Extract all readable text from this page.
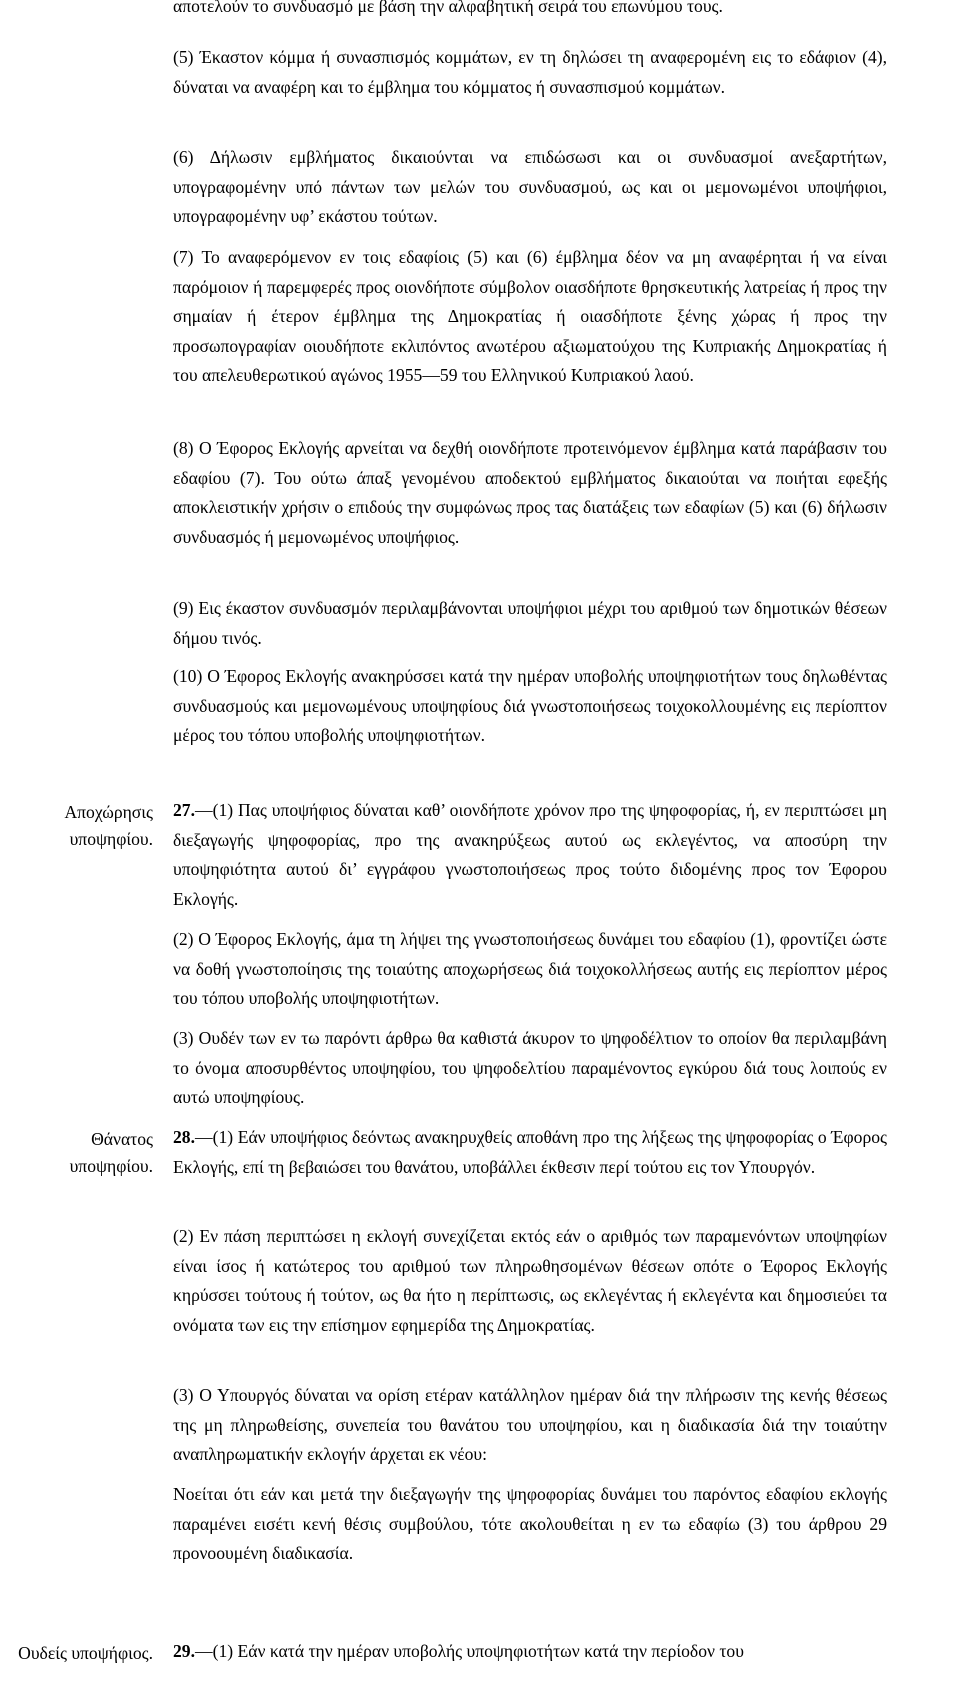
αποτελούν το συνδυασμό με βάση την αλφαβητική σειρά του επωνύμου τους.

(5) Έκαστον κόμμα ή συνασπισμός κομμάτων, εν τη δηλώσει τη αναφερομένη εις το εδάφιον (4), δύναται να αναφέρη και το έμβλημα του κόμματος ή συνασπισμού κομμάτων.

(6) Δήλωσιν εμβλήματος δικαιούνται να επιδώσωσι και οι συνδυασμοί ανεξαρτήτων, υπογραφομένην υπό πάντων των μελών του συνδυασμού, ως και οι μεμονωμένοι υποψήφιοι, υπογραφομένην υφ’ εκάστου τούτων.

(7) Το αναφερόμενον εν τοις εδαφίοις (5) και (6) έμβλημα δέον να μη αναφέρηται ή να είναι παρόμοιον ή παρεμφερές προς οιονδήποτε σύμβολον οιασδήποτε θρησκευτικής λατρείας ή προς την σημαίαν ή έτερον έμβλημα της Δημοκρατίας ή οιασδήποτε ξένης χώρας ή προς την προσωπογραφίαν οιουδήποτε εκλιπόντος ανωτέρου αξιωματούχου της Κυπριακής Δημοκρατίας ή του απελευθερωτικού αγώνος 1955—59 του Ελληνικού Κυπριακού λαού.

(8) Ο Έφορος Εκλογής αρνείται να δεχθή οιονδήποτε προτεινόμενον έμβλημα κατά παράβασιν του εδαφίου (7). Του ούτω άπαξ γενομένου αποδεκτού εμβλήματος δικαιούται να ποιήται εφεξής αποκλειστικήν χρήσιν ο επιδούς την συμφώνως προς τας διατάξεις των εδαφίων (5) και (6) δήλωσιν συνδυασμός ή μεμονωμένος υποψήφιος.

(9) Εις έκαστον συνδυασμόν περιλαμβάνονται υποψήφιοι μέχρι του αριθμού των δημοτικών θέσεων δήμου τινός.

(10) Ο Έφορος Εκλογής ανακηρύσσει κατά την ημέραν υποβολής υποψηφιοτήτων τους δηλωθέντας συνδυασμούς και μεμονωμένους υποψηφίους διά γνωστοποιήσεως τοιχοκολλουμένης εις περίοπτον μέρος του τόπου υποβολής υποψηφιοτήτων.

Αποχώρησις
υποψηφίου.

27.—(1) Πας υποψήφιος δύναται καθ’ οιονδήποτε χρόνον προ της ψηφοφορίας, ή, εν περιπτώσει μη διεξαγωγής ψηφοφορίας, προ της ανακηρύξεως αυτού ως εκλεγέντος, να αποσύρη την υποψηφιότητα αυτού δι’ εγγράφου γνωστοποιήσεως προς τούτο διδομένης προς τον Έφορου Εκλογής.

(2) Ο Έφορος Εκλογής, άμα τη λήψει της γνωστοποιήσεως δυνάμει του εδαφίου (1), φροντίζει ώστε να δοθή γνωστοποίησις της τοιαύτης αποχωρήσεως διά τοιχοκολλήσεως αυτής εις περίοπτον μέρος του τόπου υποβολής υποψηφιοτήτων.

(3) Ουδέν των εν τω παρόντι άρθρω θα καθιστά άκυρον το ψηφοδέλτιον το οποίον θα περιλαμβάνη το όνομα αποσυρθέντος υποψηφίου, του ψηφοδελτίου παραμένοντος εγκύρου διά τους λοιπούς εν αυτώ υποψηφίους.

Θάνατος
υποψηφίου.

28.—(1) Εάν υποψήφιος δεόντως ανακηρυχθείς αποθάνη προ της λήξεως της ψηφοφορίας ο Έφορος Εκλογής, επί τη βεβαιώσει του θανάτου, υποβάλλει έκθεσιν περί τούτου εις τον Υπουργόν.

(2) Εν πάση περιπτώσει η εκλογή συνεχίζεται εκτός εάν ο αριθμός των παραμενόντων υποψηφίων είναι ίσος ή κατώτερος του αριθμού των πληρωθησομένων θέσεων οπότε ο Έφορος Εκλογής κηρύσσει τούτους ή τούτον, ως θα ήτο η περίπτωσις, ως εκλεγέντας ή εκλεγέντα και δημοσιεύει τα ονόματα των εις την επίσημον εφημερίδα της Δημοκρατίας.

(3) Ο Υπουργός δύναται να ορίση ετέραν κατάλληλον ημέραν διά την πλήρωσιν της κενής θέσεως της μη πληρωθείσης, συνεπεία του θανάτου του υποψηφίου, και η διαδικασία διά την τοιαύτην αναπληρωματικήν εκλογήν άρχεται εκ νέου:

Νοείται ότι εάν και μετά την διεξαγωγήν της ψηφοφορίας δυνάμει του παρόντος εδαφίου εκλογής παραμένει εισέτι κενή θέσις συμβούλου, τότε ακολουθείται η εν τω εδαφίω (3) του άρθρου 29 προνοουμένη διαδικασία.

Ουδείς υποψήφιος. 29.—(1) Εάν κατά την ημέραν υποβολής υποψηφιοτήτων κατά την περίοδον του
